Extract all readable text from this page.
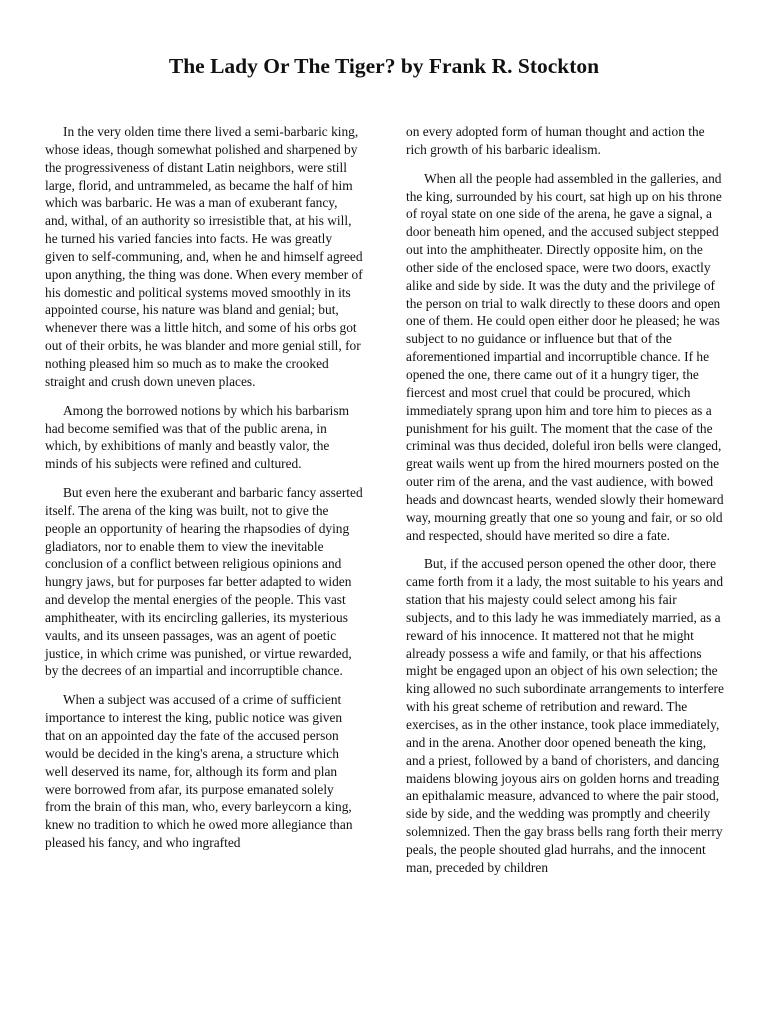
The Lady Or The Tiger? by Frank R. Stockton

In the very olden time there lived a semi-barbaric king, whose ideas, though somewhat polished and sharpened by the progressiveness of distant Latin neighbors, were still large, florid, and untrammeled, as became the half of him which was barbaric. He was a man of exuberant fancy, and, withal, of an authority so irresistible that, at his will, he turned his varied fancies into facts. He was greatly given to self-communing, and, when he and himself agreed upon anything, the thing was done. When every member of his domestic and political systems moved smoothly in its appointed course, his nature was bland and genial; but, whenever there was a little hitch, and some of his orbs got out of their orbits, he was blander and more genial still, for nothing pleased him so much as to make the crooked straight and crush down uneven places.

Among the borrowed notions by which his barbarism had become semified was that of the public arena, in which, by exhibitions of manly and beastly valor, the minds of his subjects were refined and cultured.

But even here the exuberant and barbaric fancy asserted itself. The arena of the king was built, not to give the people an opportunity of hearing the rhapsodies of dying gladiators, nor to enable them to view the inevitable conclusion of a conflict between religious opinions and hungry jaws, but for purposes far better adapted to widen and develop the mental energies of the people. This vast amphitheater, with its encircling galleries, its mysterious vaults, and its unseen passages, was an agent of poetic justice, in which crime was punished, or virtue rewarded, by the decrees of an impartial and incorruptible chance.

When a subject was accused of a crime of sufficient importance to interest the king, public notice was given that on an appointed day the fate of the accused person would be decided in the king's arena, a structure which well deserved its name, for, although its form and plan were borrowed from afar, its purpose emanated solely from the brain of this man, who, every barleycorn a king, knew no tradition to which he owed more allegiance than pleased his fancy, and who ingrafted

on every adopted form of human thought and action the rich growth of his barbaric idealism.

When all the people had assembled in the galleries, and the king, surrounded by his court, sat high up on his throne of royal state on one side of the arena, he gave a signal, a door beneath him opened, and the accused subject stepped out into the amphitheater. Directly opposite him, on the other side of the enclosed space, were two doors, exactly alike and side by side. It was the duty and the privilege of the person on trial to walk directly to these doors and open one of them. He could open either door he pleased; he was subject to no guidance or influence but that of the aforementioned impartial and incorruptible chance. If he opened the one, there came out of it a hungry tiger, the fiercest and most cruel that could be procured, which immediately sprang upon him and tore him to pieces as a punishment for his guilt. The moment that the case of the criminal was thus decided, doleful iron bells were clanged, great wails went up from the hired mourners posted on the outer rim of the arena, and the vast audience, with bowed heads and downcast hearts, wended slowly their homeward way, mourning greatly that one so young and fair, or so old and respected, should have merited so dire a fate.

But, if the accused person opened the other door, there came forth from it a lady, the most suitable to his years and station that his majesty could select among his fair subjects, and to this lady he was immediately married, as a reward of his innocence. It mattered not that he might already possess a wife and family, or that his affections might be engaged upon an object of his own selection; the king allowed no such subordinate arrangements to interfere with his great scheme of retribution and reward. The exercises, as in the other instance, took place immediately, and in the arena. Another door opened beneath the king, and a priest, followed by a band of choristers, and dancing maidens blowing joyous airs on golden horns and treading an epithalamic measure, advanced to where the pair stood, side by side, and the wedding was promptly and cheerily solemnized. Then the gay brass bells rang forth their merry peals, the people shouted glad hurrahs, and the innocent man, preceded by children
